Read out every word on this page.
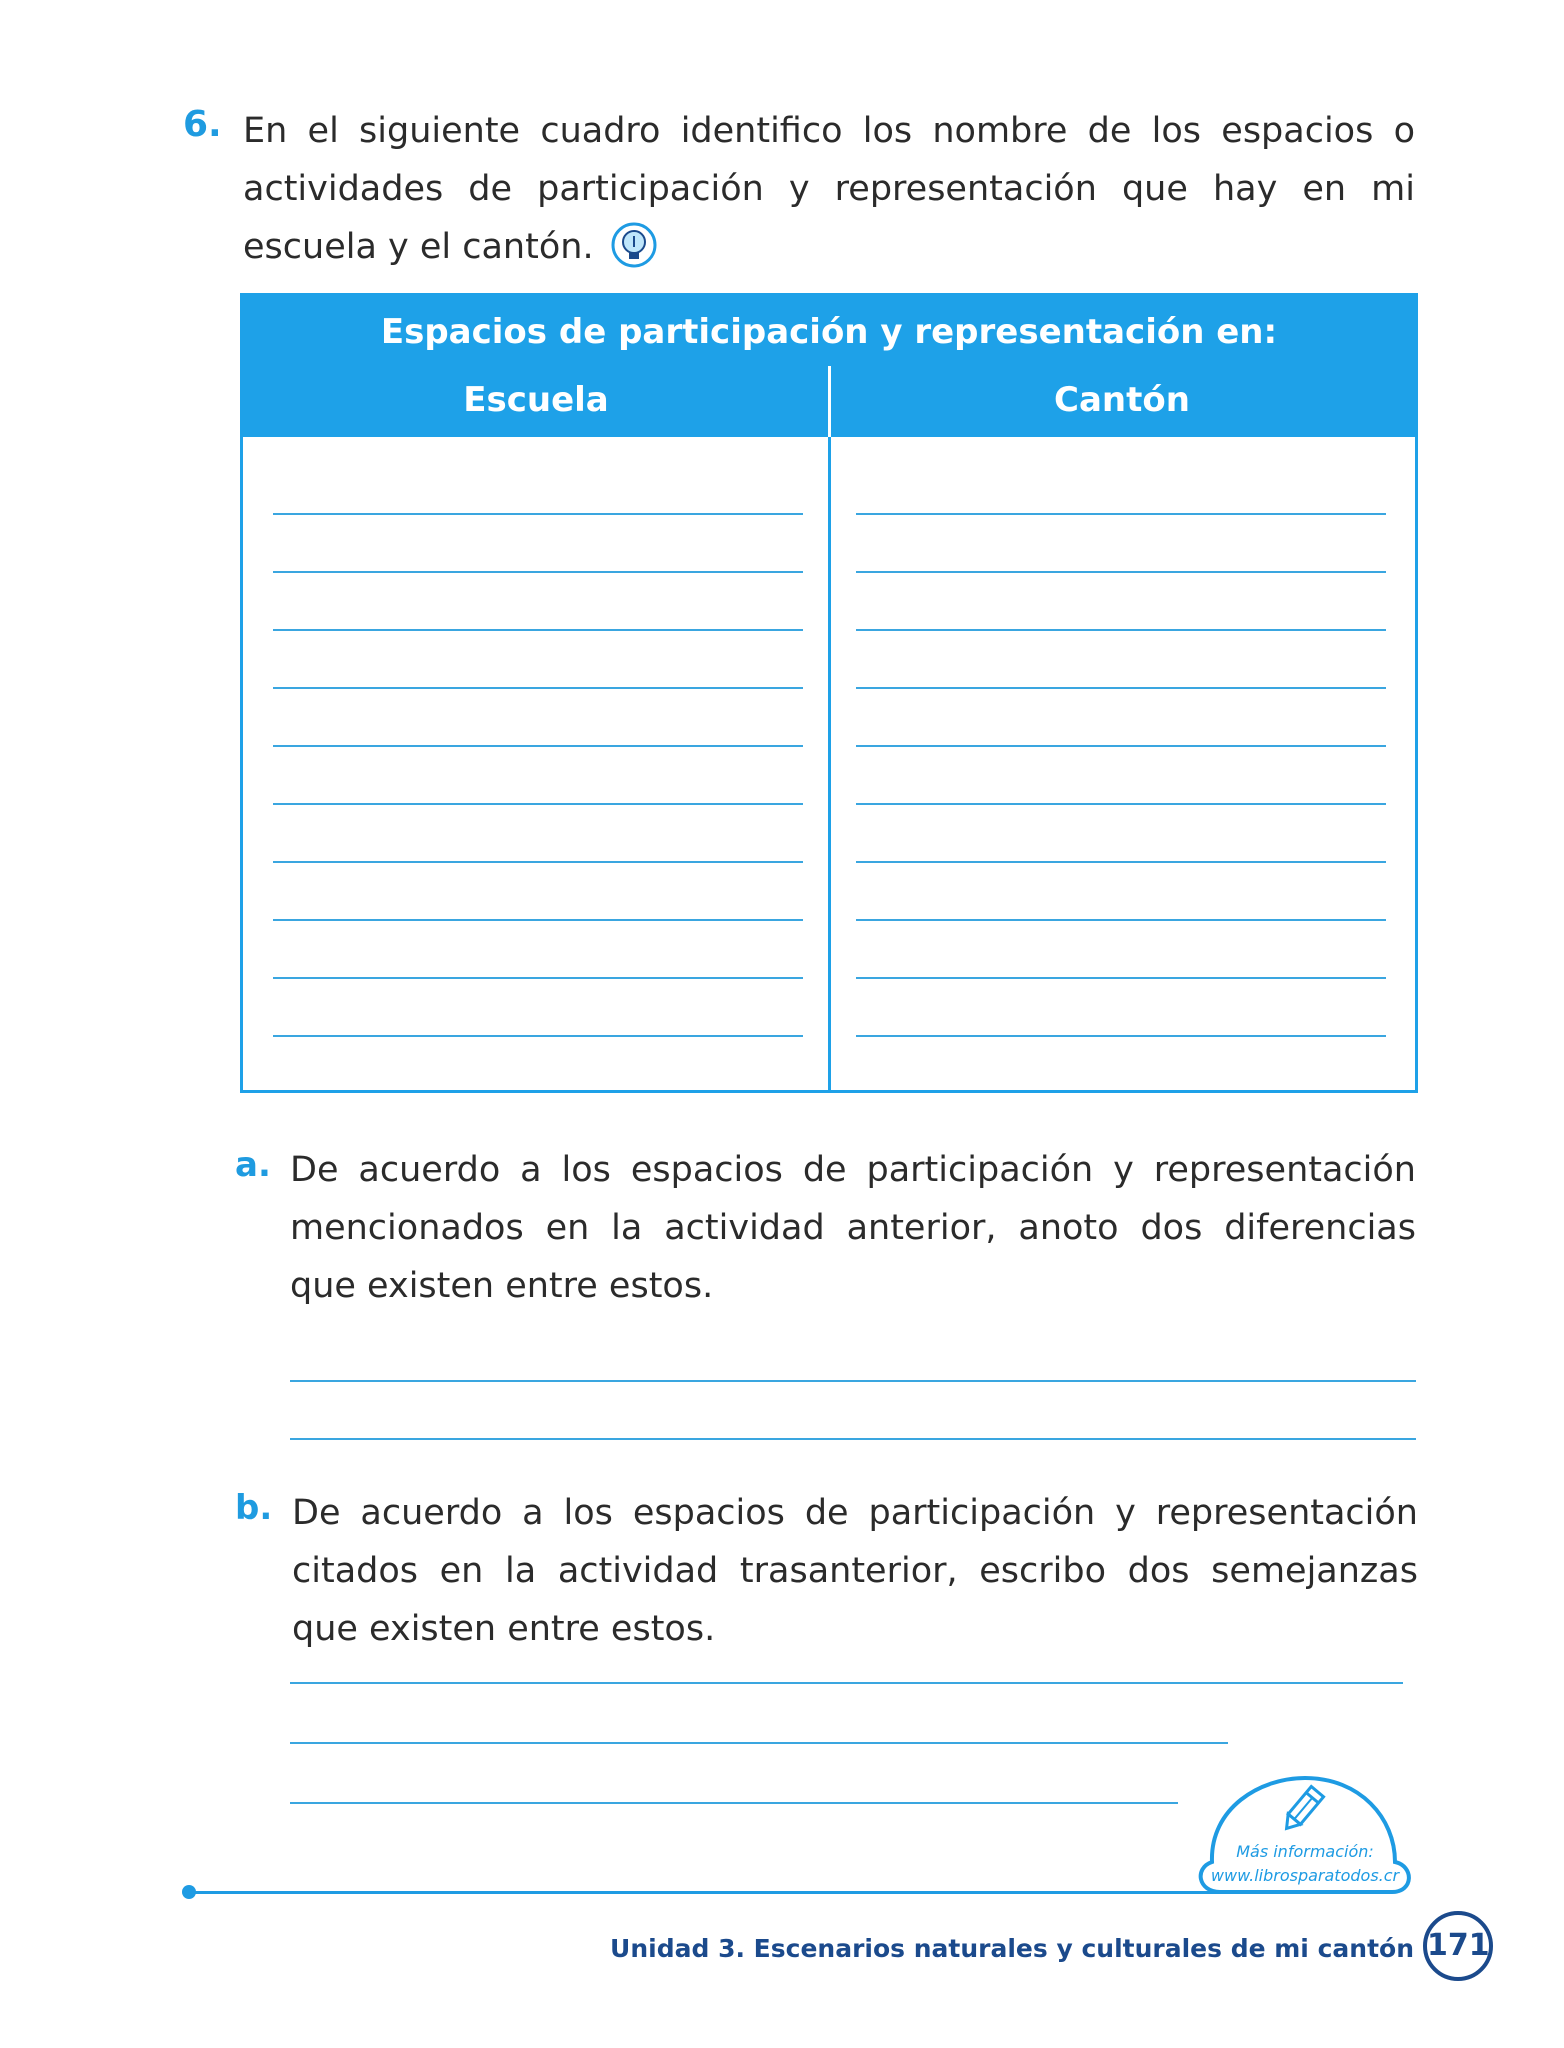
6. En el siguiente cuadro identifico los nombre de los espacios o actividades de participación y representación que hay en mi escuela y el cantón.
Espacios de participación y representación en:
Escuela	Cantón
a. De acuerdo a los espacios de participación y representación mencionados en la actividad anterior, anoto dos diferencias que existen entre estos.
b. De acuerdo a los espacios de participación y representación citados en la actividad trasanterior, escribo dos semejanzas que existen entre estos.
Más información:
www.librosparatodos.cr
Unidad 3. Escenarios naturales y culturales de mi cantón 171
